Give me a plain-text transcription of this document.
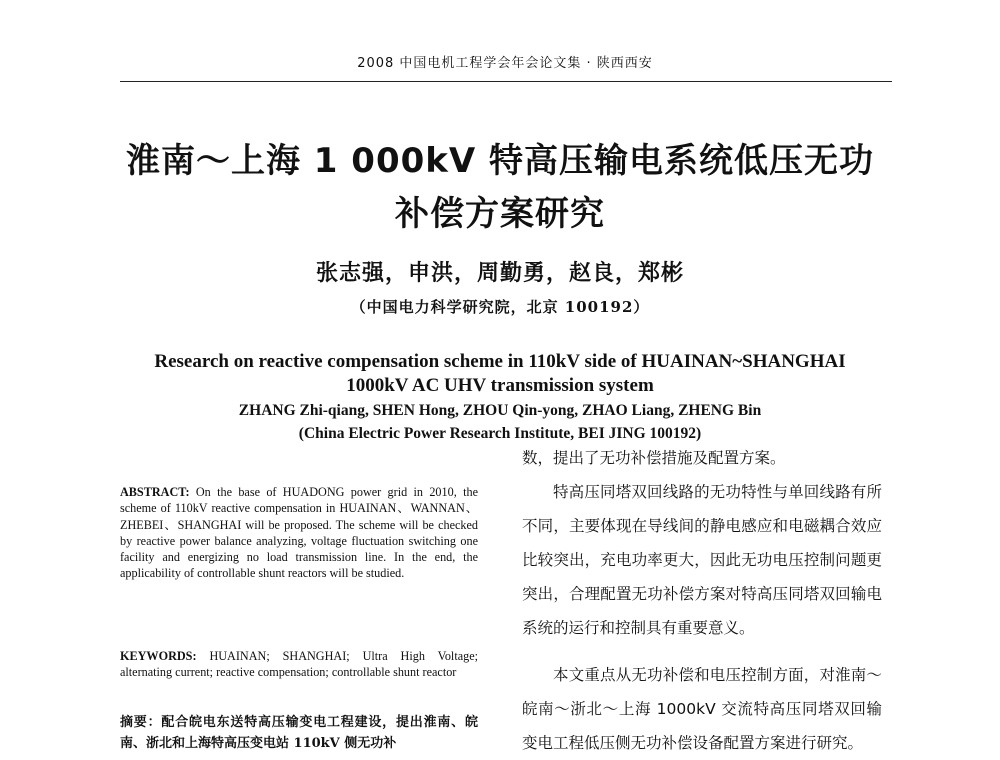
2008 中国电机工程学会年会论文集 · 陕西西安
淮南～上海 1 000kV 特高压输电系统低压无功
补偿方案研究
张志强，申洪，周勤勇，赵良，郑彬
（中国电力科学研究院，北京 100192）
Research on reactive compensation scheme in 110kV side of HUAINAN~SHANGHAI
1000kV AC UHV transmission system
ZHANG Zhi-qiang, SHEN Hong, ZHOU Qin-yong, ZHAO Liang, ZHENG Bin
(China Electric Power Research Institute, BEI JING 100192)
ABSTRACT: On the base of HUADONG power grid in 2010, the scheme of 110kV reactive compensation in HUAINAN、WANNAN、ZHEBEI、SHANGHAI will be proposed. The scheme will be checked by reactive power balance analyzing, voltage fluctuation switching one facility and energizing no load transmission line. In the end, the applicability of controllable shunt reactors will be studied.
KEYWORDS: HUAINAN; SHANGHAI; Ultra High Voltage; alternating current; reactive compensation; controllable shunt reactor
摘要：配合皖电东送特高压输变电工程建设，提出淮南、皖南、浙北和上海特高压变电站 110kV 侧无功补
数，提出了无功补偿措施及配置方案。
特高压同塔双回线路的无功特性与单回线路有所不同，主要体现在导线间的静电感应和电磁耦合效应比较突出，充电功率更大，因此无功电压控制问题更突出，合理配置无功补偿方案对特高压同塔双回输电系统的运行和控制具有重要意义。
本文重点从无功补偿和电压控制方面，对淮南～皖南～浙北～上海 1000kV 交流特高压同塔双回输变电工程低压侧无功补偿设备配置方案进行研究。
